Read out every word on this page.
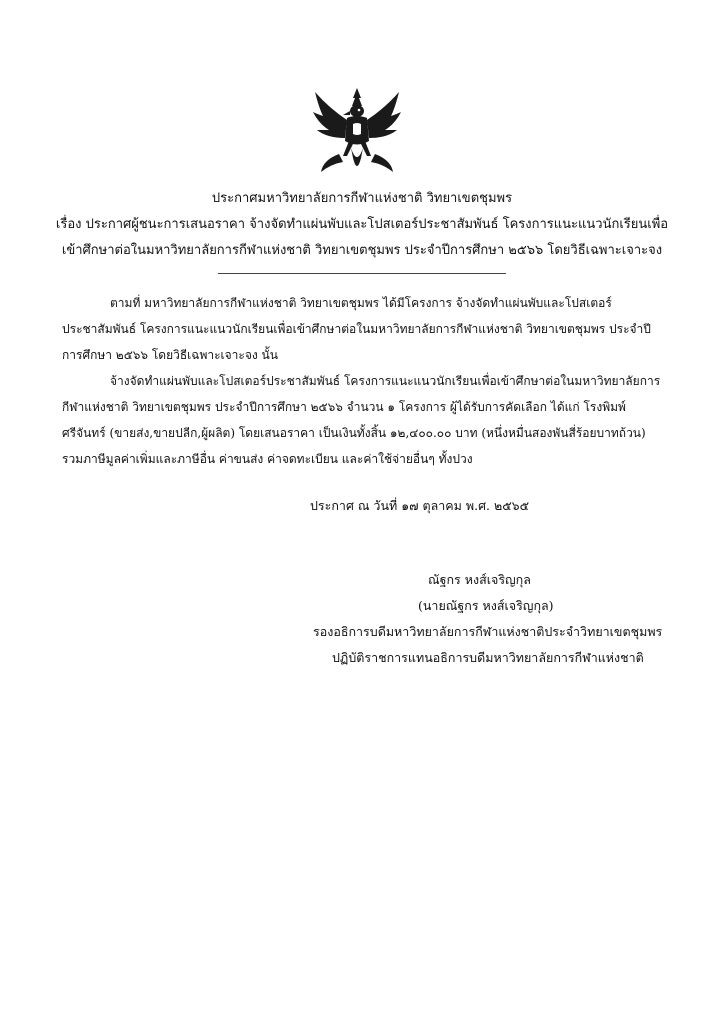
ประกาศมหาวิทยาลัยการกีฬาแห่งชาติ วิทยาเขตชุมพร

เรื่อง ประกาศผู้ชนะการเสนอราคา จ้างจัดทำแผ่นพับและโปสเตอร์ประชาสัมพันธ์ โครงการแนะแนวนักเรียนเพื่อ

เข้าศึกษาต่อในมหาวิทยาลัยการกีฬาแห่งชาติ วิทยาเขตชุมพร ประจำปีการศึกษา ๒๕๖๖ โดยวิธีเฉพาะเจาะจง

ตามที่ มหาวิทยาลัยการกีฬาแห่งชาติ วิทยาเขตชุมพร ได้มีโครงการ จ้างจัดทำแผ่นพับและโปสเตอร์ประชาสัมพันธ์ โครงการแนะแนวนักเรียนเพื่อเข้าศึกษาต่อในมหาวิทยาลัยการกีฬาแห่งชาติ วิทยาเขตชุมพร ประจำปีการศึกษา ๒๕๖๖ โดยวิธีเฉพาะเจาะจง นั้น

จ้างจัดทำแผ่นพับและโปสเตอร์ประชาสัมพันธ์ โครงการแนะแนวนักเรียนเพื่อเข้าศึกษาต่อในมหาวิทยาลัยการกีฬาแห่งชาติ วิทยาเขตชุมพร ประจำปีการศึกษา ๒๕๖๖ จำนวน ๑ โครงการ ผู้ได้รับการคัดเลือก ได้แก่ โรงพิมพ์ศรีจันทร์ (ขายส่ง,ขายปลีก,ผู้ผลิต) โดยเสนอราคา เป็นเงินทั้งสิ้น ๑๒,๔๐๐.๐๐ บาท (หนึ่งหมื่นสองพันสี่ร้อยบาทถ้วน) รวมภาษีมูลค่าเพิ่มและภาษีอื่น ค่าขนส่ง ค่าจดทะเบียน และค่าใช้จ่ายอื่นๆ ทั้งปวง

ประกาศ ณ วันที่ ๑๗ ตุลาคม พ.ศ. ๒๕๖๕

ณัฐกร หงส์เจริญกุล

(นายณัฐกร หงส์เจริญกุล)

รองอธิการบดีมหาวิทยาลัยการกีฬาแห่งชาติประจำวิทยาเขตชุมพร

ปฏิบัติราชการแทนอธิการบดีมหาวิทยาลัยการกีฬาแห่งชาติ
